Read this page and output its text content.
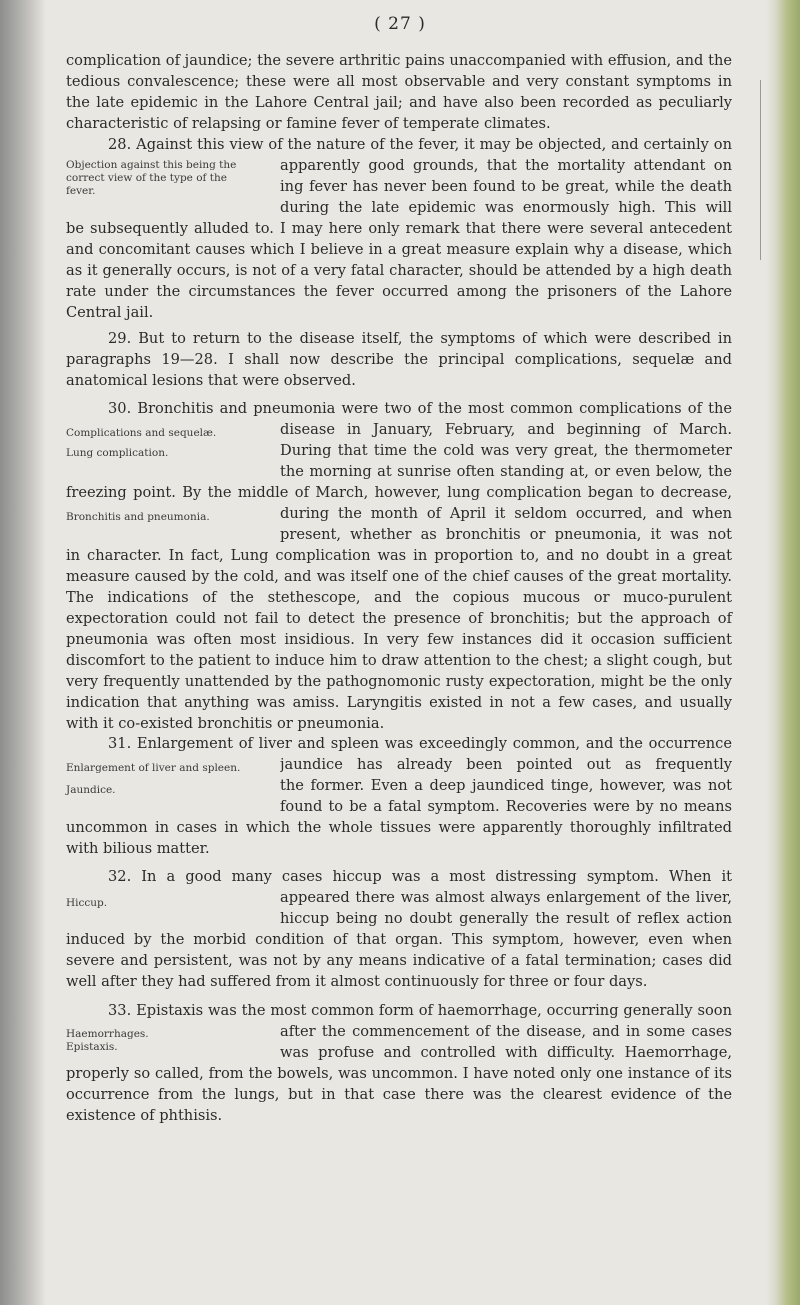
( 27 )
complication of jaundice; the severe arthritic pains unaccompanied with effusion, and the tedious convalescence; these were all most observable and very constant symptoms in the late epidemic in the Lahore Central jail; and have also been recorded as peculiarly characteristic of relapsing or famine fever of temperate climates.
28. Against this view of the nature of the fever, it may be objected, and certainly on
apparently good grounds, that the mortality attendant on
ing fever has never been found to be great, while the death
during the late epidemic was enormously high. This will
be subsequently alluded to. I may here only remark that there were several antecedent and concomitant causes which I believe in a great measure explain why a disease, which as it generally occurs, is not of a very fatal character, should be attended by a high death rate under the circumstances the fever occurred among the prisoners of the Lahore Central jail.
Objection against this being the
correct view of the type of the
fever.
29. But to return to the disease itself, the symptoms of which were described in paragraphs 19—28. I shall now describe the principal complications, sequelæ and anatomical lesions that were observed.
30. Bronchitis and pneumonia were two of the most common complications of the
disease in January, February, and beginning of March.
During that time the cold was very great, the thermometer
the morning at sunrise often standing at, or even below, the
freezing point. By the middle of March, however, lung complication began to decrease,
during the month of April it seldom occurred, and when
present, whether as bronchitis or pneumonia, it was not
in character. In fact, Lung complication was in proportion to, and no doubt in a great measure caused by the cold, and was itself one of the chief causes of the great mortality. The indications of the stethescope, and the copious mucous or muco-purulent expectoration could not fail to detect the presence of bronchitis; but the approach of pneumonia was often most insidious. In very few instances did it occasion sufficient discomfort to the patient to induce him to draw attention to the chest; a slight cough, but very frequently unattended by the pathognomonic rusty expectoration, might be the only indication that anything was amiss. Laryngitis existed in not a few cases, and usually with it co-existed bronchitis or pneumonia.
Complications and sequelæ.
Lung complication.
Bronchitis and pneumonia.
31. Enlargement of liver and spleen was exceedingly common, and the occurrence
jaundice has already been pointed out as frequently
the former. Even a deep jaundiced tinge, however, was not
found to be a fatal symptom. Recoveries were by no means
uncommon in cases in which the whole tissues were apparently thoroughly infiltrated with bilious matter.
Enlargement of liver and spleen.
Jaundice.
32. In a good many cases hiccup was a most distressing symptom. When it
appeared there was almost always enlargement of the liver,
hiccup being no doubt generally the result of reflex action
induced by the morbid condition of that organ. This symptom, however, even when severe and persistent, was not by any means indicative of a fatal termination; cases did well after they had suffered from it almost continuously for three or four days.
Hiccup.
33. Epistaxis was the most common form of haemorrhage, occurring generally soon
after the commencement of the disease, and in some cases
was profuse and controlled with difficulty. Haemorrhage,
properly so called, from the bowels, was uncommon. I have noted only one instance of its occurrence from the lungs, but in that case there was the clearest evidence of the existence of phthisis.
Haemorrhages.
Epistaxis.
